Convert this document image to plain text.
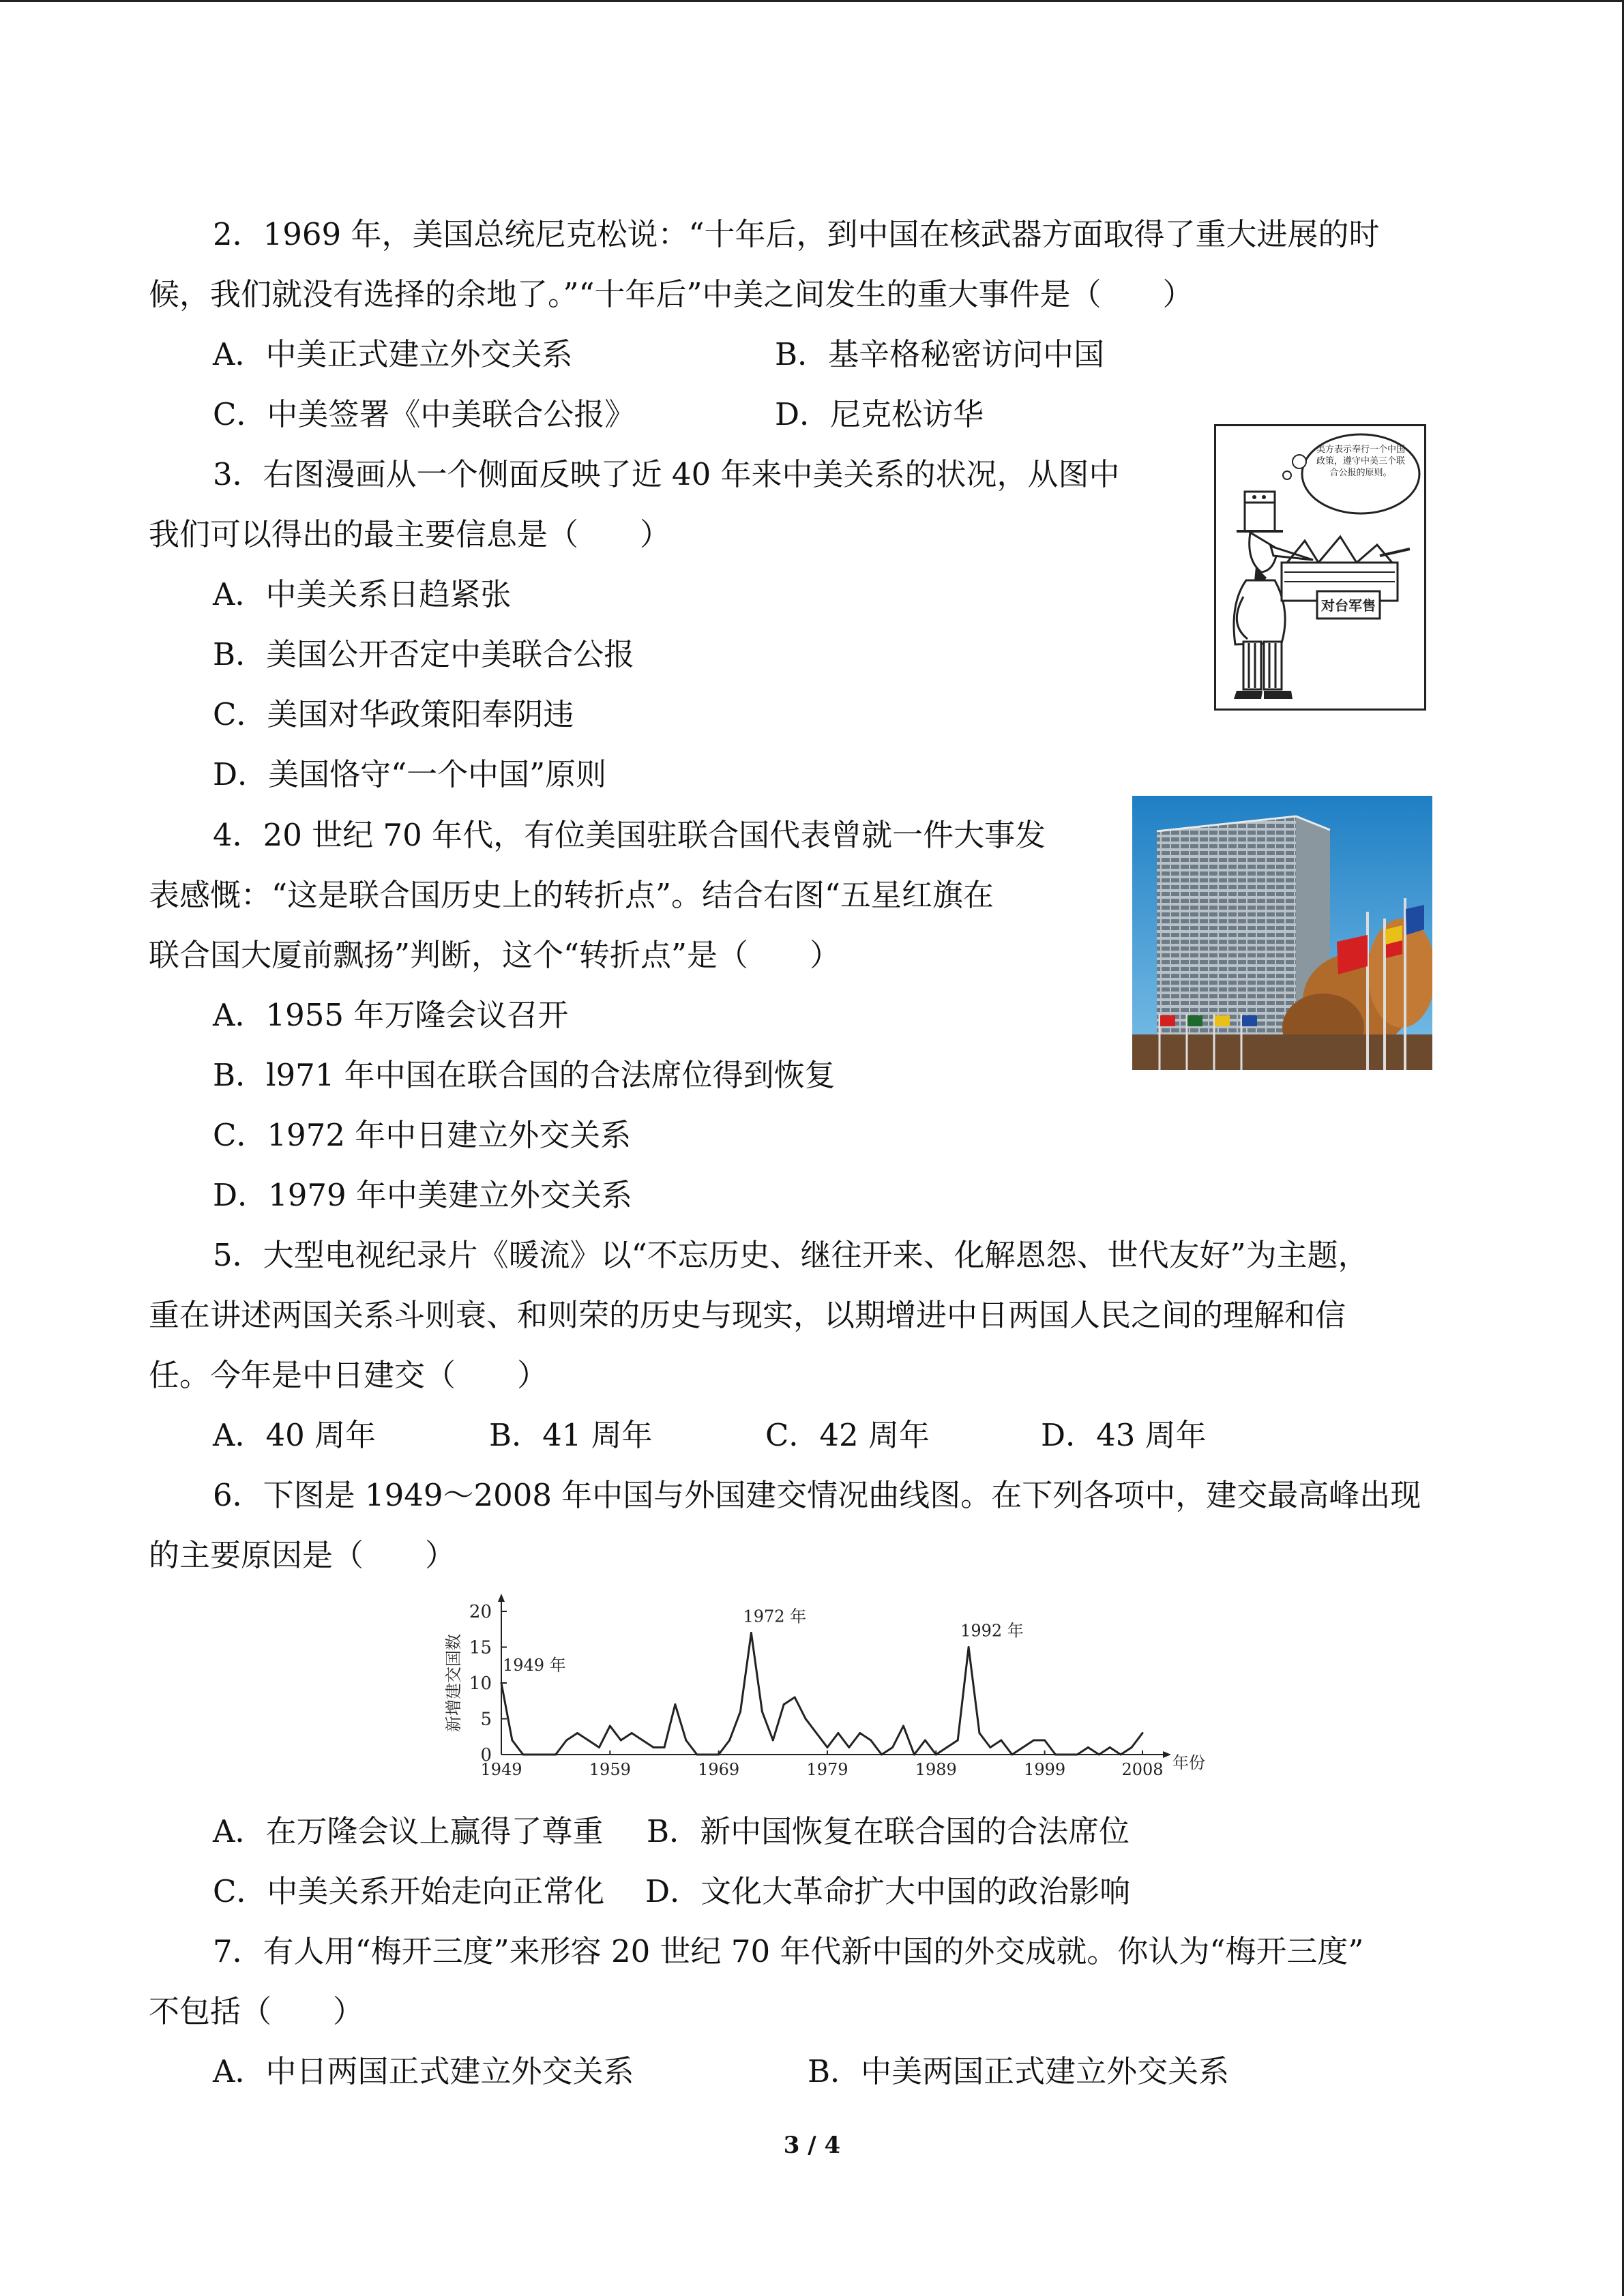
2．1969 年，美国总统尼克松说：“十年后，到中国在核武器方面取得了重大进展的时
候，我们就没有选择的余地了。”“十年后”中美之间发生的重大事件是（　　）
A．中美正式建立外交关系	B．基辛格秘密访问中国
C．中美签署《中美联合公报》	D．尼克松访华
3．右图漫画从一个侧面反映了近 40 年来中美关系的状况，从图中
我们可以得出的最主要信息是（　　）
A．中美关系日趋紧张
B．美国公开否定中美联合公报
C．美国对华政策阳奉阴违
D．美国恪守“一个中国”原则
美方表示奉行一个中国政策，遵守中美三个联合公报的原则。
对台军售
4．20 世纪 70 年代，有位美国驻联合国代表曾就一件大事发
表感慨：“这是联合国历史上的转折点”。结合右图“五星红旗在
联合国大厦前飘扬”判断，这个“转折点”是（　　）
A．1955 年万隆会议召开
B．l971 年中国在联合国的合法席位得到恢复
C．1972 年中日建立外交关系
D．1979 年中美建立外交关系
5．大型电视纪录片《暖流》以“不忘历史、继往开来、化解恩怨、世代友好”为主题，
重在讲述两国关系斗则衰、和则荣的历史与现实，以期增进中日两国人民之间的理解和信
任。今年是中日建交（　　）
A．40 周年	B．41 周年	C．42 周年	D．43 周年
6．下图是 1949～2008 年中国与外国建交情况曲线图。在下列各项中，建交最高峰出现
的主要原因是（　　）
0
5
10
15
20
1949	1959	1969	1979	1989	1999	2008
新增建交国数
年份
1949 年
1972 年
1992 年
A．在万隆会议上赢得了尊重 B．新中国恢复在联合国的合法席位
C．中美关系开始走向正常化 D．文化大革命扩大中国的政治影响
7．有人用“梅开三度”来形容 20 世纪 70 年代新中国的外交成就。你认为“梅开三度”
不包括（　　）
A．中日两国正式建立外交关系	B．中美两国正式建立外交关系
3 / 4
